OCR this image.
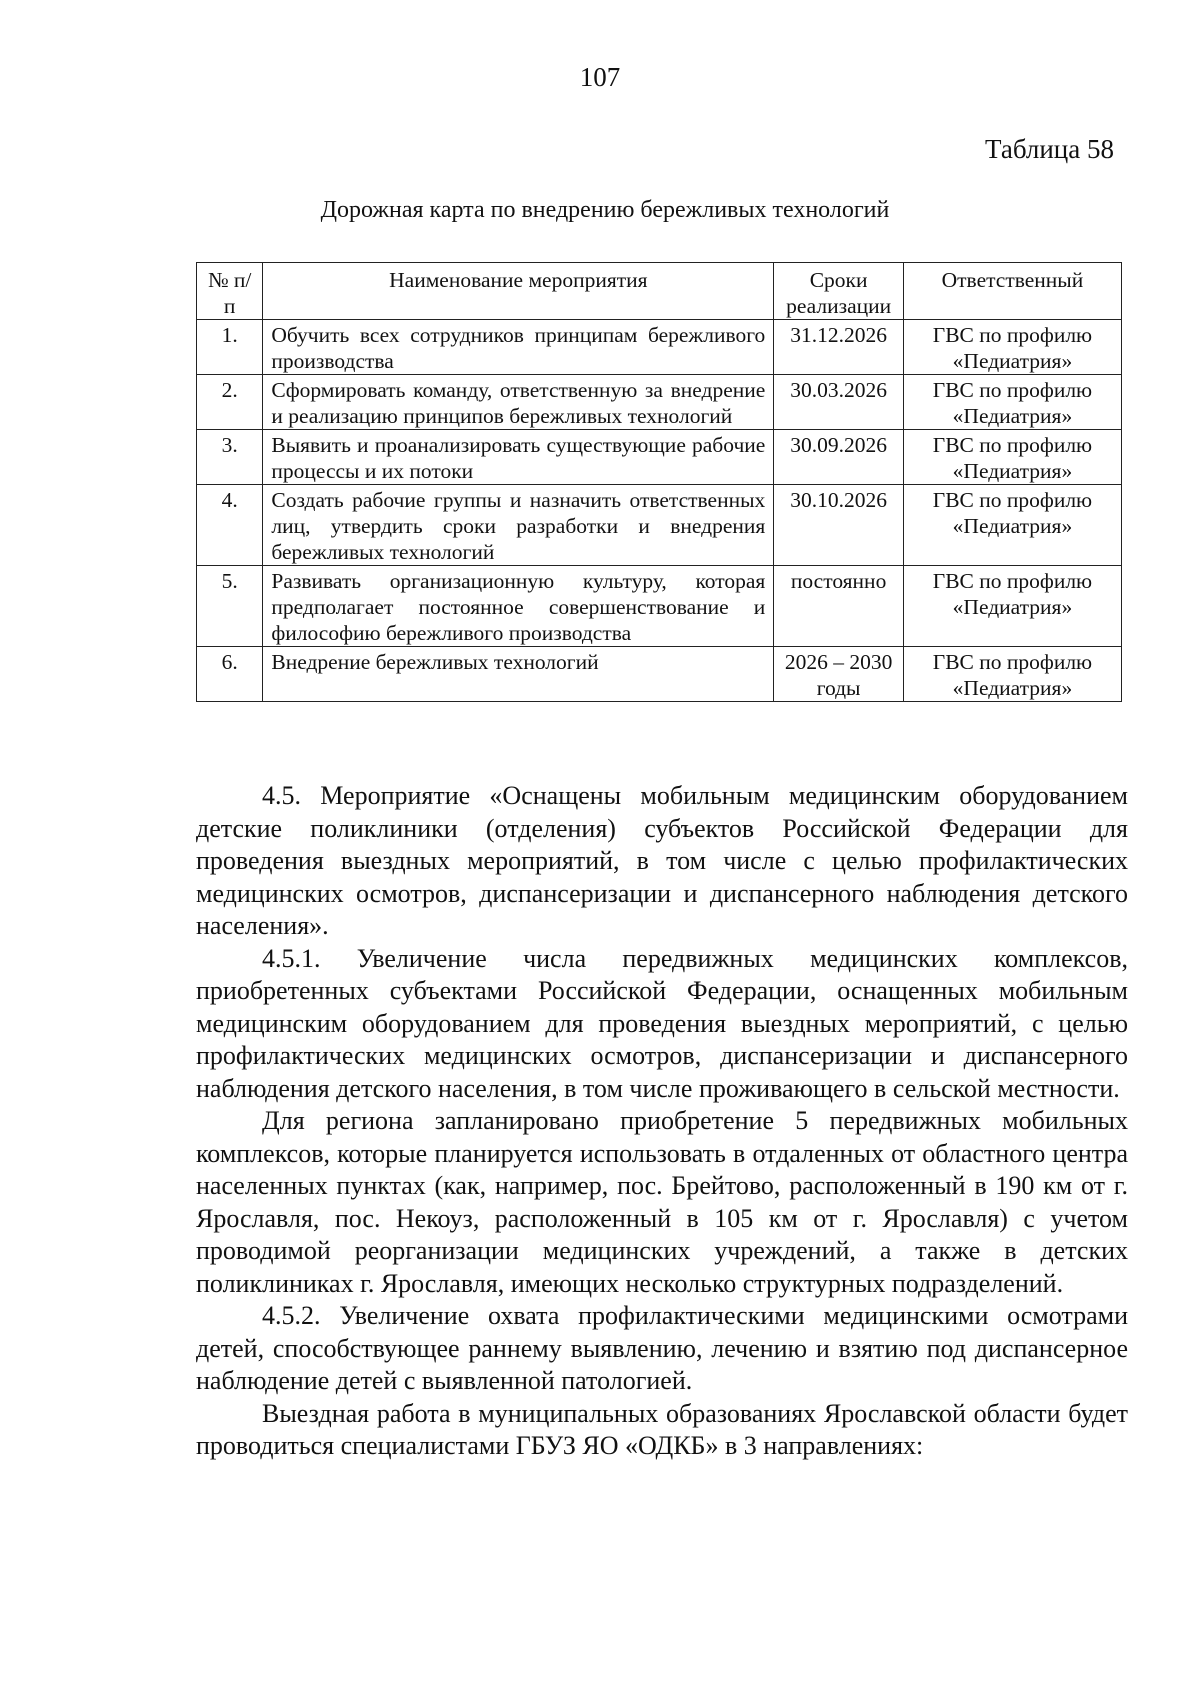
107
Таблица 58
Дорожная карта по внедрению бережливых технологий
№ п/п	Наименование мероприятия	Сроки реализации	Ответственный
1.	Обучить всех сотрудников принципам бережливого производства	31.12.2026	ГВС по профилю «Педиатрия»
2.	Сформировать команду, ответственную за внедрение и реализацию принципов бережливых технологий	30.03.2026	ГВС по профилю «Педиатрия»
3.	Выявить и проанализировать существующие рабочие процессы и их потоки	30.09.2026	ГВС по профилю «Педиатрия»
4.	Создать рабочие группы и назначить ответственных лиц, утвердить сроки разработки и внедрения бережливых технологий	30.10.2026	ГВС по профилю «Педиатрия»
5.	Развивать организационную культуру, которая предполагает постоянное совершенствование и философию бережливого производства	постоянно	ГВС по профилю «Педиатрия»
6.	Внедрение бережливых технологий	2026 – 2030 годы	ГВС по профилю «Педиатрия»

4.5. Мероприятие «Оснащены мобильным медицинским оборудованием детские поликлиники (отделения) субъектов Российской Федерации для проведения выездных мероприятий, в том числе с целью профилактических медицинских осмотров, диспансеризации и диспансерного наблюдения детского населения».

4.5.1. Увеличение числа передвижных медицинских комплексов, приобретенных субъектами Российской Федерации, оснащенных мобильным медицинским оборудованием для проведения выездных мероприятий, с целью профилактических медицинских осмотров, диспансеризации и диспансерного наблюдения детского населения, в том числе проживающего в сельской местности.

Для региона запланировано приобретение 5 передвижных мобильных комплексов, которые планируется использовать в отдаленных от областного центра населенных пунктах (как, например, пос. Брейтово, расположенный в 190 км от г. Ярославля, пос. Некоуз, расположенный в 105 км от г. Ярославля) с учетом проводимой реорганизации медицинских учреждений, а также в детских поликлиниках г. Ярославля, имеющих несколько структурных подразделений.

4.5.2. Увеличение охвата профилактическими медицинскими осмотрами детей, способствующее раннему выявлению, лечению и взятию под диспансерное наблюдение детей с выявленной патологией.

Выездная работа в муниципальных образованиях Ярославской области будет проводиться специалистами ГБУЗ ЯО «ОДКБ» в 3 направлениях:
